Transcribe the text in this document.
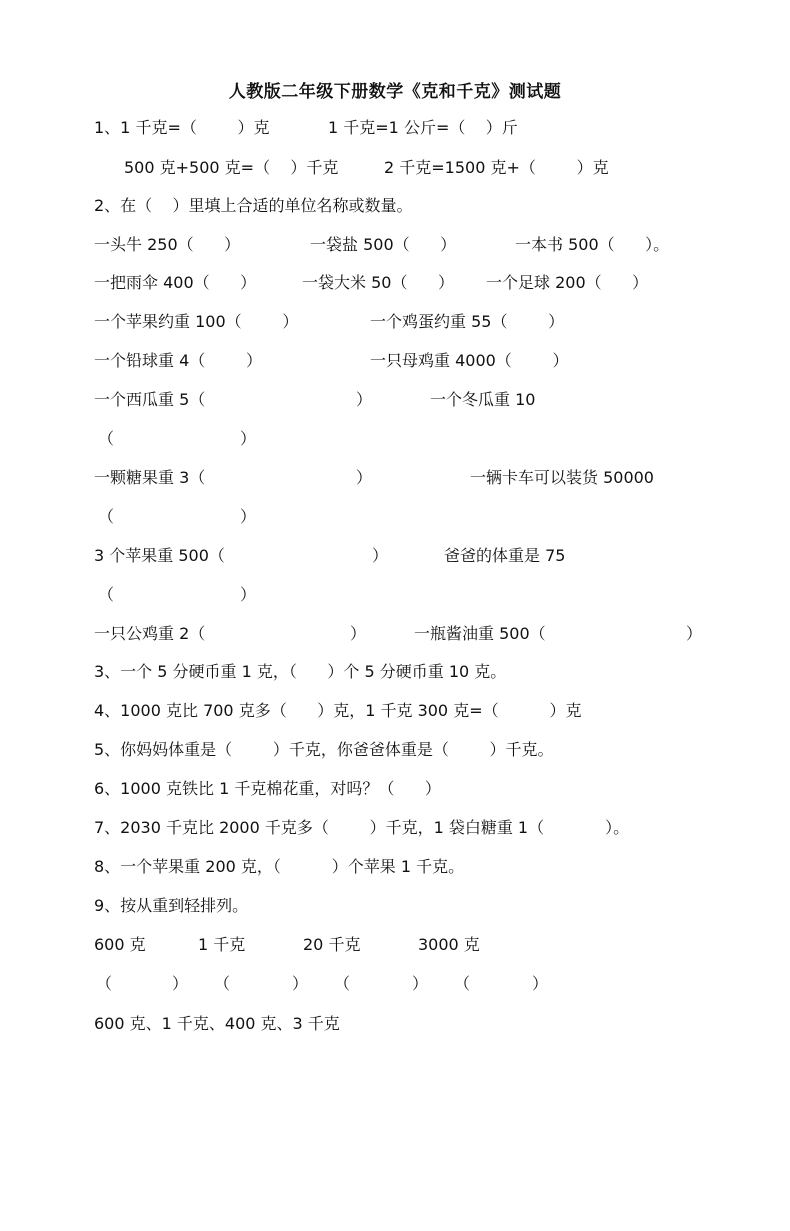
人教版二年级下册数学《克和千克》测试题

1、1 千克=（        ）克

	1 千克=1 公斤=（    ）斤

500 克+500 克=（    ）千克

	2 千克=1500 克+（        ）克

2、在（    ）里填上合适的单位名称或数量。

一头牛 250（      ）

	一袋盐 500（      ）

	一本书 500（      ）。

一把雨伞 400（      ）

	一袋大米 50（      ）

一个足球 200（      ）

一个苹果约重 100（        ）

	一个鸡蛋约重 55（        ）

一个铅球重 4（        ）

	一只母鸡重 4000（        ）

一个西瓜重 5（

	）

	一个冬瓜重 10

（

	）

一颗糖果重 3（

	）

	一辆卡车可以装货 50000

（

	）

3 个苹果重 500（

	）

	爸爸的体重是 75

（

	）

一只公鸡重 2（

	）

	一瓶酱油重 500（

	）

3、一个 5 分硬币重 1 克，（      ）个 5 分硬币重 10 克。

4、1000 克比 700 克多（      ）克，1 千克 300 克=（          ）克

5、你妈妈体重是（        ）千克，你爸爸体重是（        ）千克。

6、1000 克铁比 1 千克棉花重，对吗？（      ）

7、2030 千克比 2000 千克多（        ）千克，1 袋白糖重 1（            ）。

8、一个苹果重 200 克，（          ）个苹果 1 千克。

9、按从重到轻排列。

600 克

	1 千克

	20 千克

	3000 克

（

	）

（

	）

（

	）

（

	）

600 克、1 千克、400 克、3 千克
